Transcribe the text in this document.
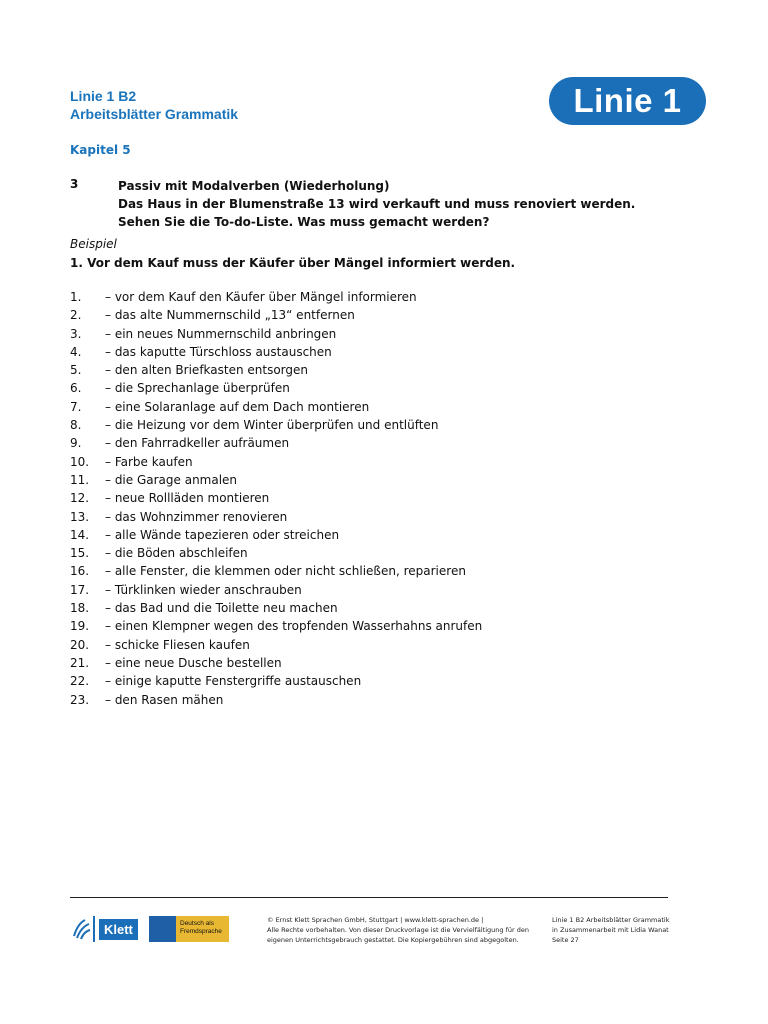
Linie 1 B2
Arbeitsblätter Grammatik	Linie 1
Kapitel 5
3	Passiv mit Modalverben (Wiederholung)
Das Haus in der Blumenstraße 13 wird verkauft und muss renoviert werden.
Sehen Sie die To-do-Liste. Was muss gemacht werden?
Beispiel
1. Vor dem Kauf muss der Käufer über Mängel informiert werden.
1.	– vor dem Kauf den Käufer über Mängel informieren
2.	– das alte Nummernschild „13“ entfernen
3.	– ein neues Nummernschild anbringen
4.	– das kaputte Türschloss austauschen
5.	– den alten Briefkasten entsorgen
6.	– die Sprechanlage überprüfen
7.	– eine Solaranlage auf dem Dach montieren
8.	– die Heizung vor dem Winter überprüfen und entlüften
9.	– den Fahrradkeller aufräumen
10.	– Farbe kaufen
11.	– die Garage anmalen
12.	– neue Rollläden montieren
13.	– das Wohnzimmer renovieren
14.	– alle Wände tapezieren oder streichen
15.	– die Böden abschleifen
16.	– alle Fenster, die klemmen oder nicht schließen, reparieren
17.	– Türklinken wieder anschrauben
18.	– das Bad und die Toilette neu machen
19.	– einen Klempner wegen des tropfenden Wasserhahns anrufen
20.	– schicke Fliesen kaufen
21.	– eine neue Dusche bestellen
22.	– einige kaputte Fenstergriffe austauschen
23.	– den Rasen mähen
Klett	Deutsch als
Fremdsprache
© Ernst Klett Sprachen GmbH, Stuttgart | www.klett-sprachen.de |
Alle Rechte vorbehalten. Von dieser Druckvorlage ist die Vervielfältigung für den
eigenen Unterrichtsgebrauch gestattet. Die Kopiergebühren sind abgegolten.
Linie 1 B2 Arbeitsblätter Grammatik
in Zusammenarbeit mit Lidia Wanat
Seite 27
